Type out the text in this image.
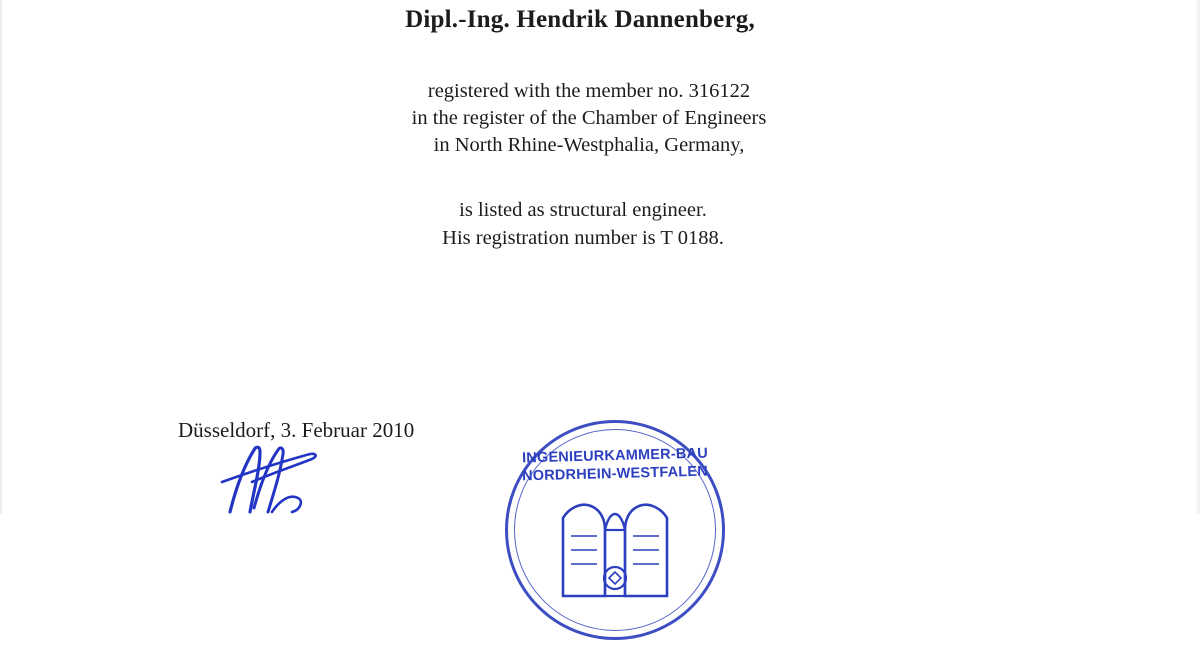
Dipl.-Ing. Hendrik Dannenberg,
registered with the member no. 316122
in the register of the Chamber of Engineers
in North Rhine-Westphalia, Germany,
is listed as structural engineer.
His registration number is T 0188.
Düsseldorf, 3. Februar 2010
INGENIEURKAMMER-BAU
NORDRHEIN-WESTFALEN
